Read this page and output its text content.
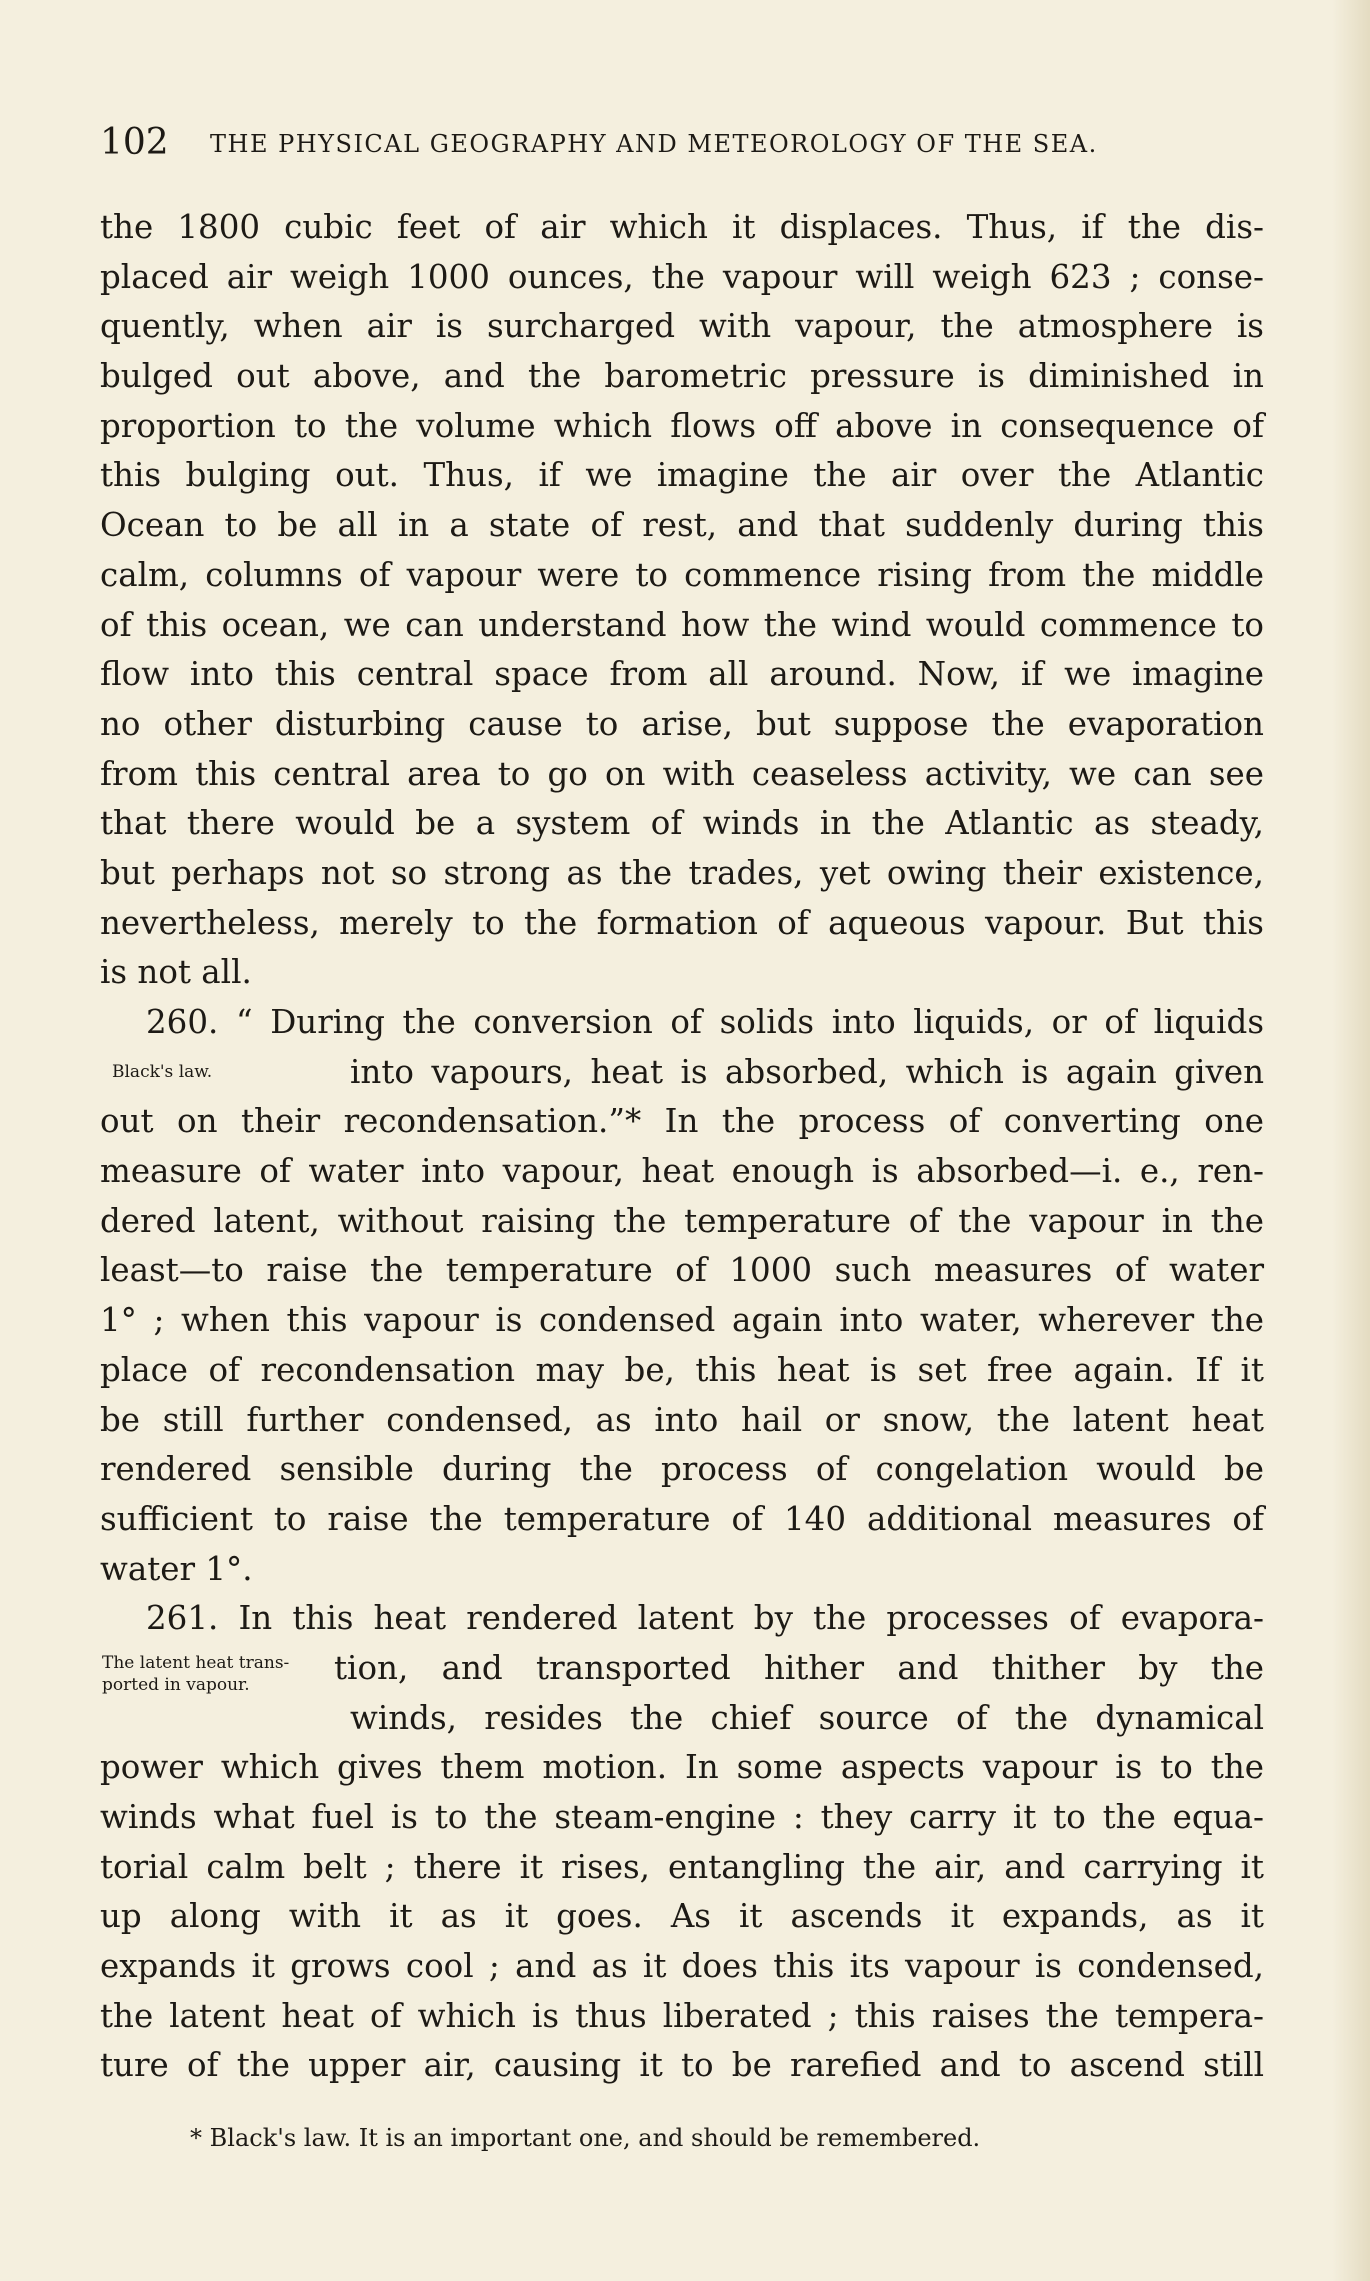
102 THE PHYSICAL GEOGRAPHY AND METEOROLOGY OF THE SEA.
the 1800 cubic feet of air which it displaces. Thus, if the dis-
placed air weigh 1000 ounces, the vapour will weigh 623 ; conse-
quently, when air is surcharged with vapour, the atmosphere is
bulged out above, and the barometric pressure is diminished in
proportion to the volume which flows off above in consequence of
this bulging out. Thus, if we imagine the air over the Atlantic
Ocean to be all in a state of rest, and that suddenly during this
calm, columns of vapour were to commence rising from the middle
of this ocean, we can understand how the wind would commence to
flow into this central space from all around. Now, if we imagine
no other disturbing cause to arise, but suppose the evaporation
from this central area to go on with ceaseless activity, we can see
that there would be a system of winds in the Atlantic as steady,
but perhaps not so strong as the trades, yet owing their existence,
nevertheless, merely to the formation of aqueous vapour. But this
is not all.
260. “ During the conversion of solids into liquids, or of liquids
Black's law.	into vapours, heat is absorbed, which is again given
out on their recondensation.”* In the process of converting one
measure of water into vapour, heat enough is absorbed—i. e., ren-
dered latent, without raising the temperature of the vapour in the
least—to raise the temperature of 1000 such measures of water
1° ; when this vapour is condensed again into water, wherever the
place of recondensation may be, this heat is set free again. If it
be still further condensed, as into hail or snow, the latent heat
rendered sensible during the process of congelation would be
sufficient to raise the temperature of 140 additional measures of
water 1°.
261. In this heat rendered latent by the processes of evapora-
The latent heat trans-
ported in vapour.	tion, and transported hither and thither by the
winds, resides the chief source of the dynamical
power which gives them motion. In some aspects vapour is to the
winds what fuel is to the steam-engine : they carry it to the equa-
torial calm belt ; there it rises, entangling the air, and carrying it
up along with it as it goes. As it ascends it expands, as it
expands it grows cool ; and as it does this its vapour is condensed,
the latent heat of which is thus liberated ; this raises the tempera-
ture of the upper air, causing it to be rarefied and to ascend still
* Black's law. It is an important one, and should be remembered.
